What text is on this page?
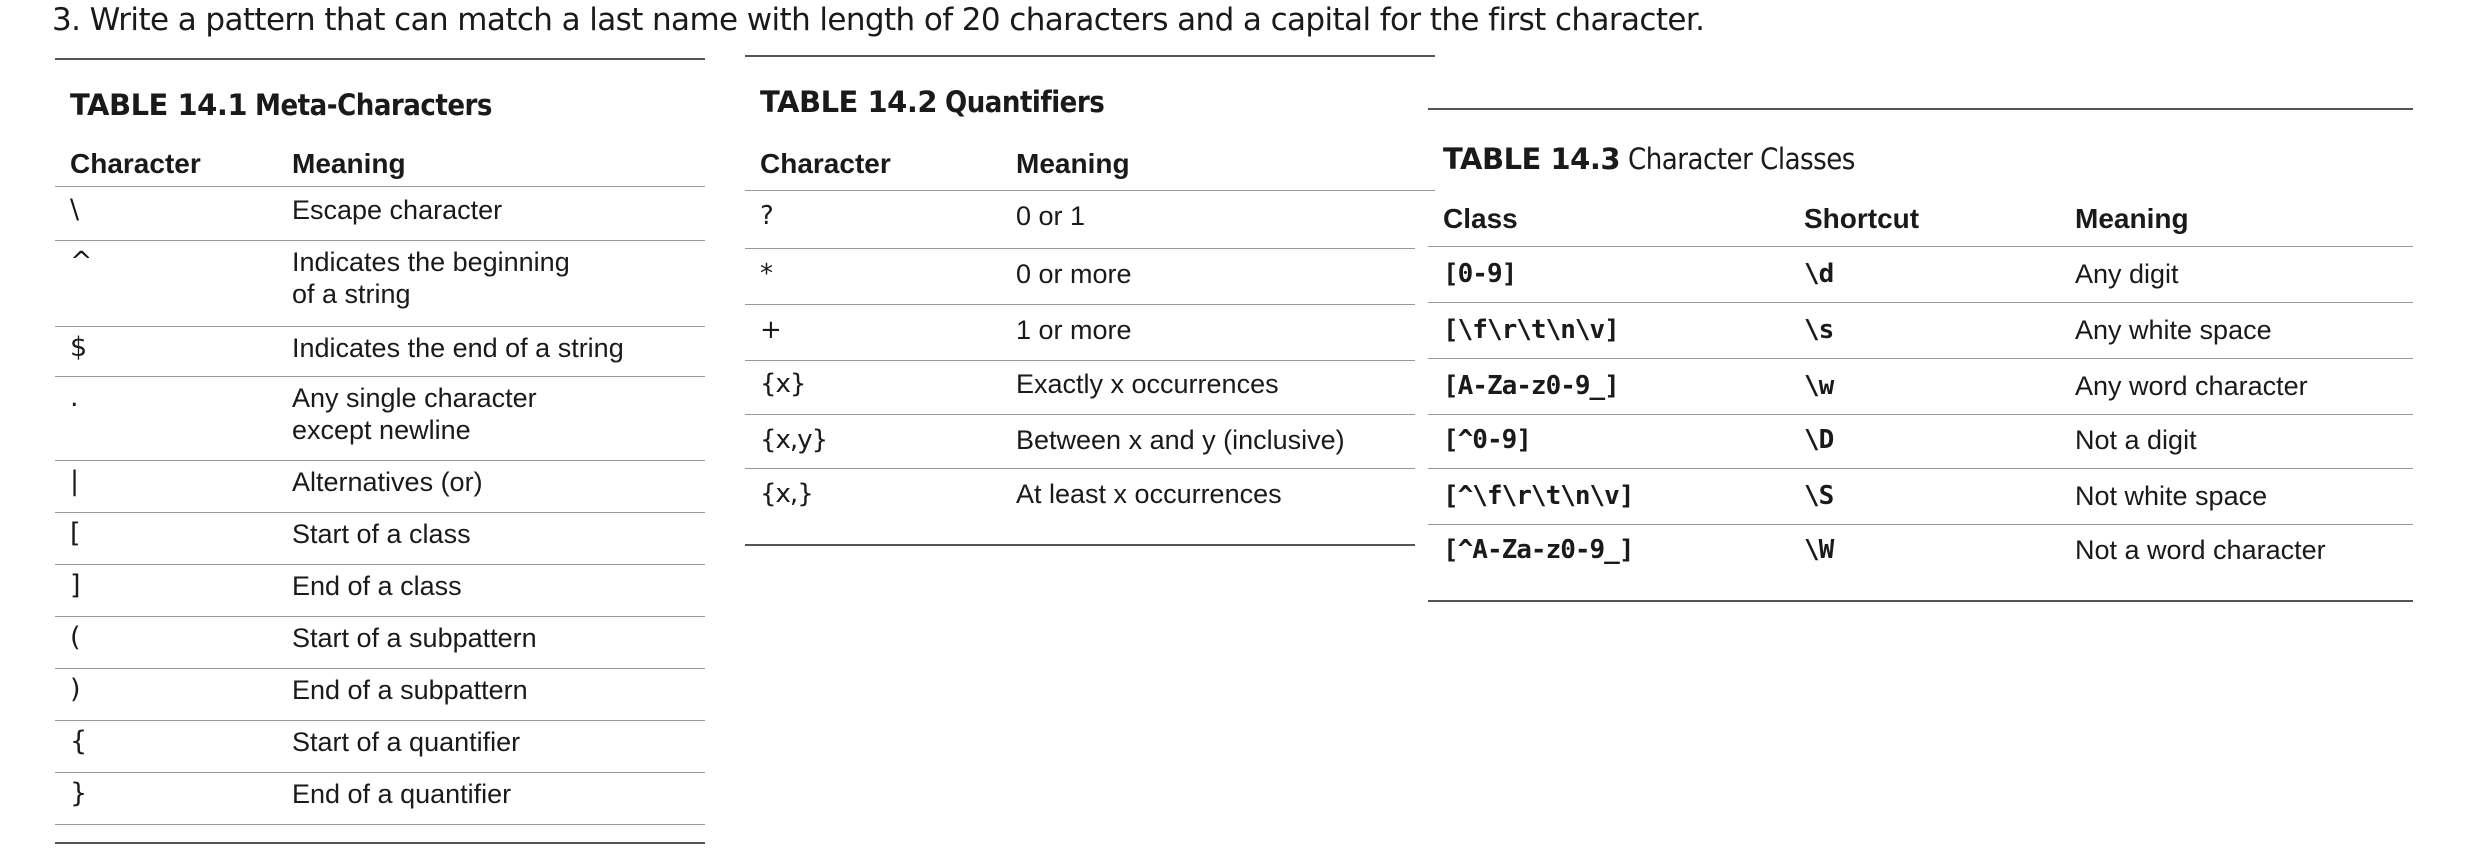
3. Write a pattern that can match a last name with length of 20 characters and a capital for the first character.
TABLE 14.1 Meta-Characters
Character	Meaning
\	Escape character
^	Indicates the beginning
of a string
$	Indicates the end of a string
.	Any single character
except newline
|	Alternatives (or)
[	Start of a class
]	End of a class
(	Start of a subpattern
)	End of a subpattern
{	Start of a quantifier
}	End of a quantifier
TABLE 14.2 Quantifiers
Character	Meaning
?	0 or 1
*	0 or more
+	1 or more
{x}	Exactly x occurrences
{x,y}	Between x and y (inclusive)
{x,}	At least x occurrences
TABLE 14.3 Character Classes
Class	Shortcut	Meaning
[0-9]	\d	Any digit
[\f\r\t\n\v]	\s	Any white space
[A-Za-z0-9_]	\w	Any word character
[^0-9]	\D	Not a digit
[^\f\r\t\n\v]	\S	Not white space
[^A-Za-z0-9_]	\W	Not a word character
